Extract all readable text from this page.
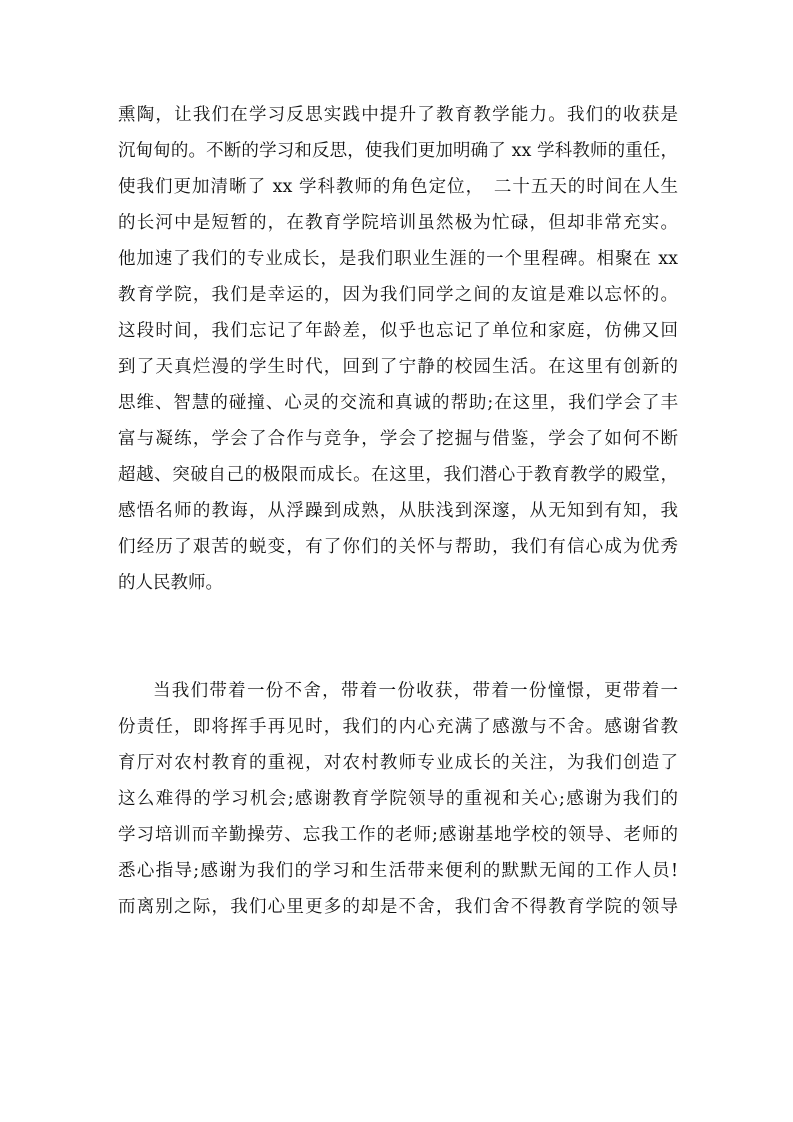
熏陶，让我们在学习反思实践中提升了教育教学能力。我们的收获是
沉甸甸的。不断的学习和反思，使我们更加明确了 xx 学科教师的重任，
使我们更加清晰了 xx 学科教师的角色定位，　二十五天的时间在人生
的长河中是短暂的，在教育学院培训虽然极为忙碌，但却非常充实。
他加速了我们的专业成长，是我们职业生涯的一个里程碑。相聚在 xx
教育学院，我们是幸运的，因为我们同学之间的友谊是难以忘怀的。
这段时间，我们忘记了年龄差，似乎也忘记了单位和家庭，仿佛又回
到了天真烂漫的学生时代，回到了宁静的校园生活。在这里有创新的
思维、智慧的碰撞、心灵的交流和真诚的帮助;在这里，我们学会了丰
富与凝练，学会了合作与竞争，学会了挖掘与借鉴，学会了如何不断
超越、突破自己的极限而成长。在这里，我们潜心于教育教学的殿堂，
感悟名师的教诲，从浮躁到成熟，从肤浅到深邃，从无知到有知，我
们经历了艰苦的蜕变，有了你们的关怀与帮助，我们有信心成为优秀
的人民教师。
当我们带着一份不舍，带着一份收获，带着一份憧憬，更带着一
份责任，即将挥手再见时，我们的内心充满了感激与不舍。感谢省教
育厅对农村教育的重视，对农村教师专业成长的关注，为我们创造了
这么难得的学习机会;感谢教育学院领导的重视和关心;感谢为我们的
学习培训而辛勤操劳、忘我工作的老师;感谢基地学校的领导、老师的
悉心指导;感谢为我们的学习和生活带来便利的默默无闻的工作人员!
而离别之际，我们心里更多的却是不舍，我们舍不得教育学院的领导
